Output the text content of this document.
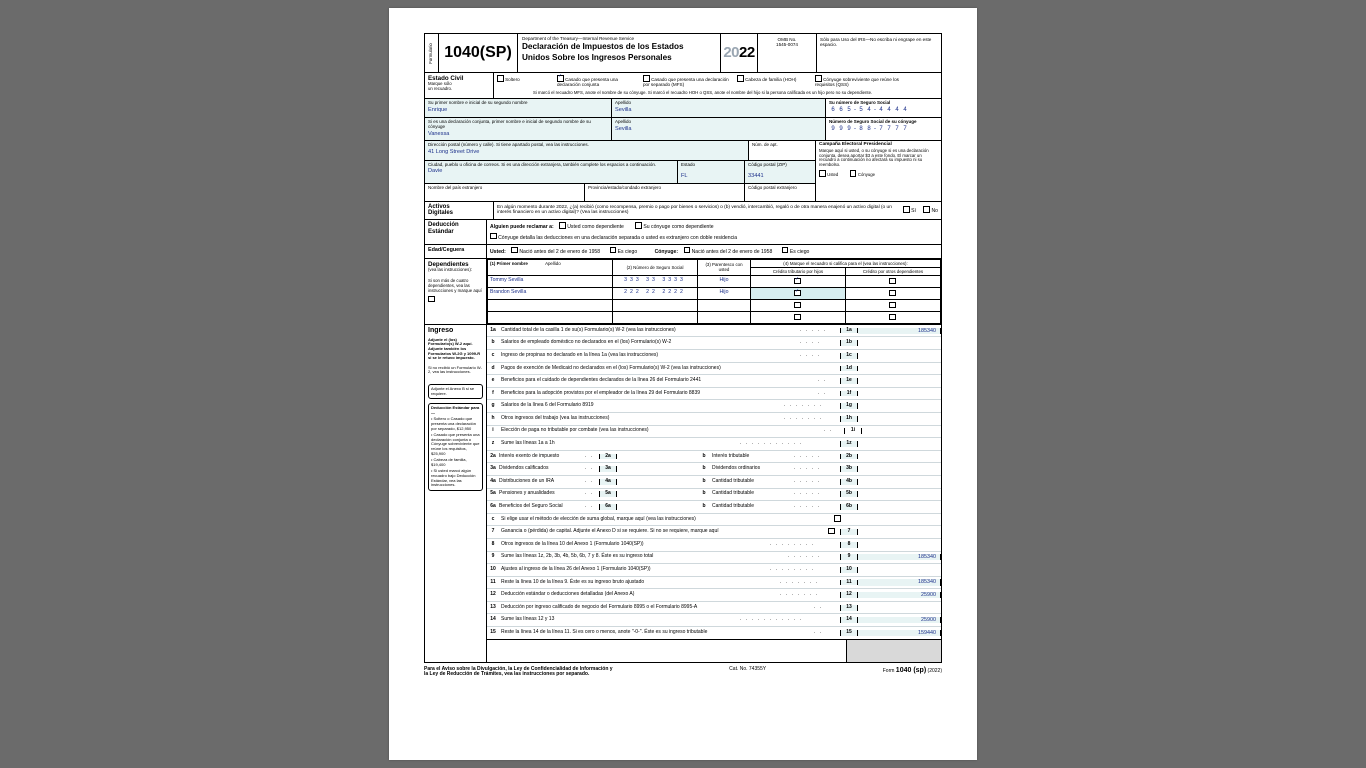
Formulario 1040(SP)
Department of the Treasury—Internal Revenue Service
Declaración de Impuestos de los Estados
Unidos Sobre los Ingresos Personales	20 22
OMB No.
1545-0074
Sólo para Uso del IRS—No escriba ni engrape en este espacio.
Estado Civil
Marque sólo
un recuadro.
Soltero ✓	Casado que presenta una declaración conjunta
Casado que presenta una declaración por separado (MFS)
Cabeza de familia (HOH)	Cónyuge sobreviviente que reúne los requisitos (QSS)
Si marcó el recuadro MFS, anote el nombre de su cónyuge. Si marcó el recuadro HOH o QSS, anote el nombre del hijo si la persona calificada es un hijo pero no su dependiente.
Su primer nombre e inicial de su segundo nombre
Enrique
Si es una declaración conjunta, primer nombre e inicial de segundo nombre de su cónyuge
Vanessa
Apellido
Sevilla
Apellido
Sevilla
Su número de Seguro Social
6 6 5 - 5 4 - 4 4 4 4
Número de Seguro Social de su cónyuge
9 9 9 - 8 8 - 7 7 7 7
Dirección postal (número y calle). Si tiene apartado postal, vea las instrucciones.
41 Long Street Drive
Núm. de apt.
Ciudad, pueblo u oficina de correos. Si es una dirección extranjera, también complete los espacios a continuación.
Davie
Estado
FL
Código postal (ZIP)
33441
Nombre del país extranjero	Provincia/estado/condado extranjero	Código postal extranjero
Campaña Electoral Presidencial
Marque aquí si usted, o su cónyuge si es una declaración conjunta, desea aportar $3 a este fondo. El marcar un recuadro a continuación no afectará su impuesto ni su reembolso.
Usted	Cónyuge
Activos
Digitales
En algún momento durante 2022, ¿(a) recibió (como recompensa, premio o pago por bienes o servicios) o (b) vendió, intercambió, regaló o de otra manera enajenó un activo digital (o un interés financiero en un activo digital)? (Vea las instrucciones)	Sí	No
Deducción
Estándar
Alguien puede reclamar a:	Usted como dependiente	Su cónyuge como dependiente
Cónyuge detalla las deducciones en una declaración separada o usted es extranjero con doble residencia
Edad/Ceguera	Usted:	Nació antes del 2 de enero de 1958	Es ciego	Cónyuge:	Nació antes del 2 de enero de 1958	Es ciego
Dependientes
(vea las instrucciones):
Si son más de cuatro dependientes, vea las instrucciones y marque aquí
(1) Primer nombre Apellido	(2) Número de Seguro Social	(3) Parentesco con usted	(4) Marque el recuadro si califica para el (vea las instrucciones):	
			Crédito tributario por hijos	Crédito por otros dependientes
Tommy Sevilla	333 33 3333	Hijo	✓	
Brandon Sevilla	222 22 2222	Hijo	✓	

Ingreso
Adjunte el (los) Formulario(s) W-2 aquí. Adjunte también los Formularios W-2G y 1099-R si se le retuvo impuesto.
Si no recibió un Formulario W-2, vea las instrucciones.
Adjunte el Anexo B si se requiere.
Deducción Estándar para—
• Soltero o Casado que presenta una declaración por separado, $12,950
• Casado que presenta una declaración conjunta o Cónyuge sobreviviente que reúne los requisitos, $25,900
• Cabeza de familia, $19,400
• Si usted marcó algún recuadro bajo Deducción Estándar, vea las instrucciones.
1a	Cantidad total de la casilla 1 de su(s) Formulario(s) W-2 (vea las instrucciones)	. . . . .	1a	185340
b	Salarios de empleado doméstico no declarados en el (los) Formulario(s) W-2	. . . .	1b
c	Ingreso de propinas no declarado en la línea 1a (vea las instrucciones)	. . . .	1c
d	Pagos de exención de Medicaid no declarados en el (los) Formulario(s) W-2 (vea las instrucciones)	1d
e	Beneficios para el cuidado de dependientes declarados de la línea 26 del Formulario 2441	. .	1e
f	Beneficios para la adopción provistos por el empleador de la línea 29 del Formulario 8839	. .	1f
g	Salarios de la línea 6 del Formulario 8919	. . . . . . .	1g
h	Otros ingresos del trabajo (vea las instrucciones)	. . . . . . .	1h
i	Elección de paga no tributable por combate (vea las instrucciones)	. .	1i
z	Sume las líneas 1a a 1h	. . . . . . . . . . .	1z
2a Interés exento de impuesto	. .	2a	b	Interés tributable	. . . . .	2b
3a Dividendos calificados	. .	3a	b	Dividendos ordinarios	. . . . .	3b
4a Distribuciones de un IRA	. .	4a	b	Cantidad tributable	. . . . .	4b
5a Pensiones y anualidades	. .	5a	b	Cantidad tributable	. . . . .	5b
6a Beneficios del Seguro Social	. .	6a	b	Cantidad tributable	. . . . .	6b
c	Si elige usar el método de elección de suma global, marque aquí (vea las instrucciones)
7	Ganancia o (pérdida) de capital. Adjunte el Anexo D si se requiere. Si no se requiere, marque aquí	7
8	Otros ingresos de la línea 10 del Anexo 1 (Formulario 1040(SP))	. . . . . . . .	8
9	Sume las líneas 1z, 2b, 3b, 4b, 5b, 6b, 7 y 8. Éste es su ingreso total	. . . . . .	9	185340
10	Ajustes al ingreso de la línea 26 del Anexo 1 (Formulario 1040(SP))	. . . . . . . .	10
11	Reste la línea 10 de la línea 9. Éste es su ingreso bruto ajustado	. . . . . . .	11	185340
12	Deducción estándar o deducciones detalladas (del Anexo A)	. . . . . . .	12	25900
13	Deducción por ingreso calificado de negocio del Formulario 8995 o el Formulario 8995-A	. .	13
14	Sume las líneas 12 y 13	. . . . . . . . . . .	14	25900
15	Reste la línea 14 de la línea 11. Si es cero o menos, anote "-0-". Éste es su ingreso tributable	. .	15	159440
Para el Aviso sobre la Divulgación, la Ley de Confidencialidad de Información y
la Ley de Reducción de Trámites, vea las instrucciones por separado.
Cat. No. 74355Y	Form 1040 (sp) (2022)
